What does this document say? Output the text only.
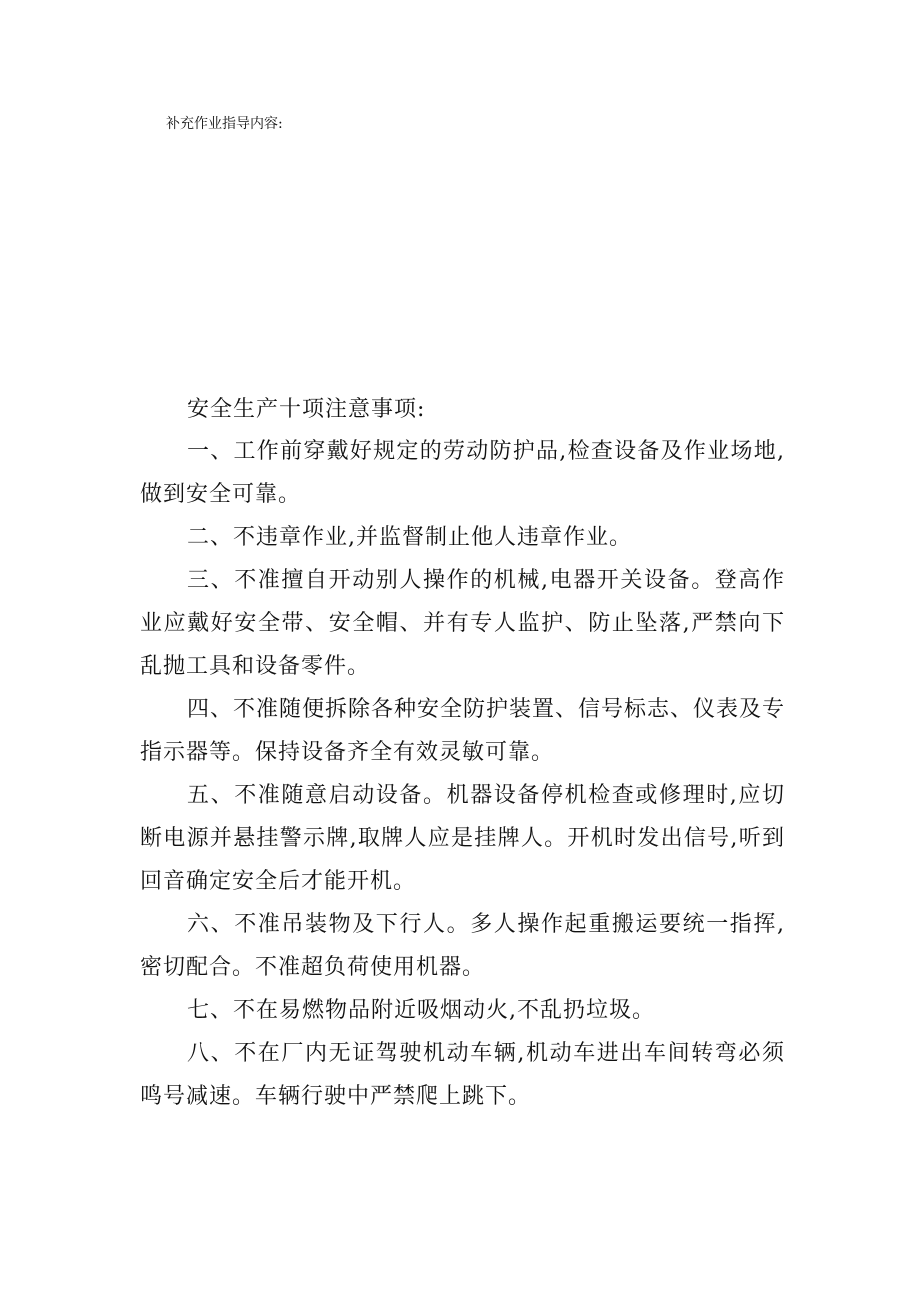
补充作业指导内容:
安全生产十项注意事项:
一、工作前穿戴好规定的劳动防护品,检查设备及作业场地,做到安全可靠。
二、不违章作业,并监督制止他人违章作业。
三、不准擅自开动别人操作的机械,电器开关设备。登高作业应戴好安全带、安全帽、并有专人监护、防止坠落,严禁向下乱抛工具和设备零件。
四、不准随便拆除各种安全防护装置、信号标志、仪表及专指示器等。保持设备齐全有效灵敏可靠。
五、不准随意启动设备。机器设备停机检查或修理时,应切断电源并悬挂警示牌,取牌人应是挂牌人。开机时发出信号,听到回音确定安全后才能开机。
六、不准吊装物及下行人。多人操作起重搬运要统一指挥,密切配合。不准超负荷使用机器。
七、不在易燃物品附近吸烟动火,不乱扔垃圾。
八、不在厂内无证驾驶机动车辆,机动车进出车间转弯必须鸣号减速。车辆行驶中严禁爬上跳下。
